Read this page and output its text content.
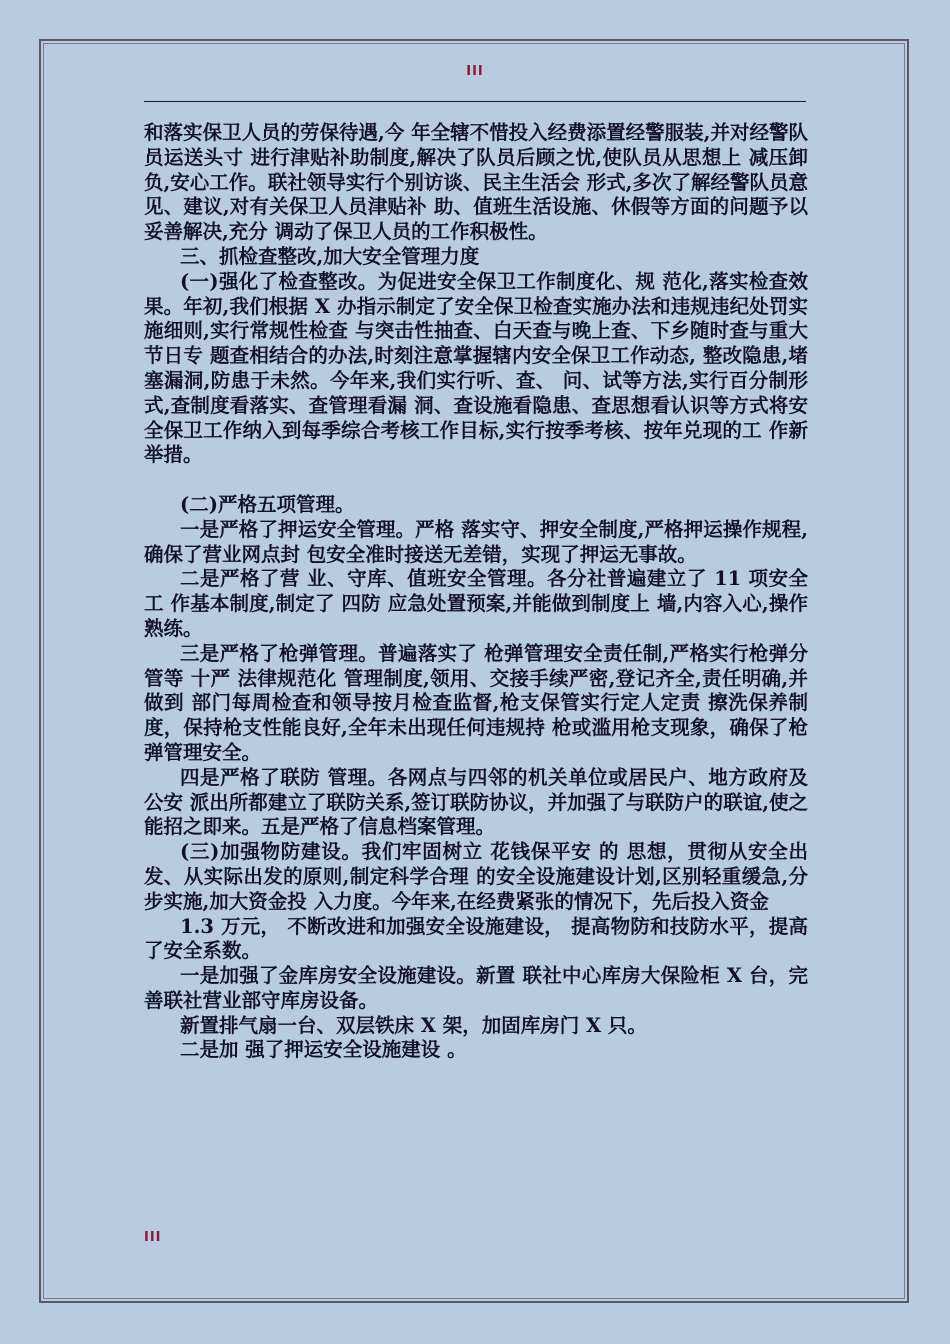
III

和落实保卫人员的劳保待遇,今 年全辖不惜投入经费添置经警服装,并对经警队员运送头寸 进行津贴补助制度,解决了队员后顾之忧,使队员从思想上 减压卸负,安心工作。联社领导实行个别访谈、民主生活会 形式,多次了解经警队员意见、建议,对有关保卫人员津贴补 助、值班生活设施、休假等方面的问题予以妥善解决,充分 调动了保卫人员的工作积极性。

三、抓检查整改,加大安全管理力度

(一)强化了检查整改。为促进安全保卫工作制度化、规 范化,落实检查效果。年初,我们根据 X 办指示制定了安全保卫检查实施办法和违规违纪处罚实施细则,实行常规性检查 与突击性抽查、白天查与晚上查、下乡随时查与重大节日专 题查相结合的办法,时刻注意掌握辖内安全保卫工作动态, 整改隐患,堵塞漏洞,防患于未然。今年来,我们实行听、查、 问、试等方法,实行百分制形式,查制度看落实、查管理看漏 洞、查设施看隐患、查思想看认识等方式将安全保卫工作纳入到每季综合考核工作目标,实行按季考核、按年兑现的工 作新举措。

(二)严格五项管理。

一是严格了押运安全管理。严格 落实守、押安全制度,严格押运操作规程,确保了营业网点封 包安全准时接送无差错，实现了押运无事故。

二是严格了营 业、守库、值班安全管理。各分社普遍建立了 11 项安全工 作基本制度,制定了 四防 应急处置预案,并能做到制度上 墙,内容入心,操作熟练。

三是严格了枪弹管理。普遍落实了 枪弹管理安全责任制,严格实行枪弹分管等 十严 法律规范化 管理制度,领用、交接手续严密,登记齐全,责任明确,并做到 部门每周检查和领导按月检查监督,枪支保管实行定人定责 擦洗保养制度，保持枪支性能良好,全年未出现任何违规持 枪或滥用枪支现象，确保了枪弹管理安全。

四是严格了联防 管理。各网点与四邻的机关单位或居民户、地方政府及公安 派出所都建立了联防关系,签订联防协议，并加强了与联防户的联谊,使之能招之即来。五是严格了信息档案管理。

(三)加强物防建设。我们牢固树立 花钱保平安 的 思想，贯彻从安全出发、从实际出发的原则,制定科学合理 的安全设施建设计划,区别轻重缓急,分步实施,加大资金投 入力度。今年来,在经费紧张的情况下，先后投入资金

1.3 万元， 不断改进和加强安全设施建设， 提高物防和技防水平，提高了安全系数。

一是加强了金库房安全设施建设。新置 联社中心库房大保险柜 X 台，完善联社营业部守库房设备。

新置排气扇一台、双层铁床 X 架，加固库房门 X 只。

二是加 强了押运安全设施建设 。

III
